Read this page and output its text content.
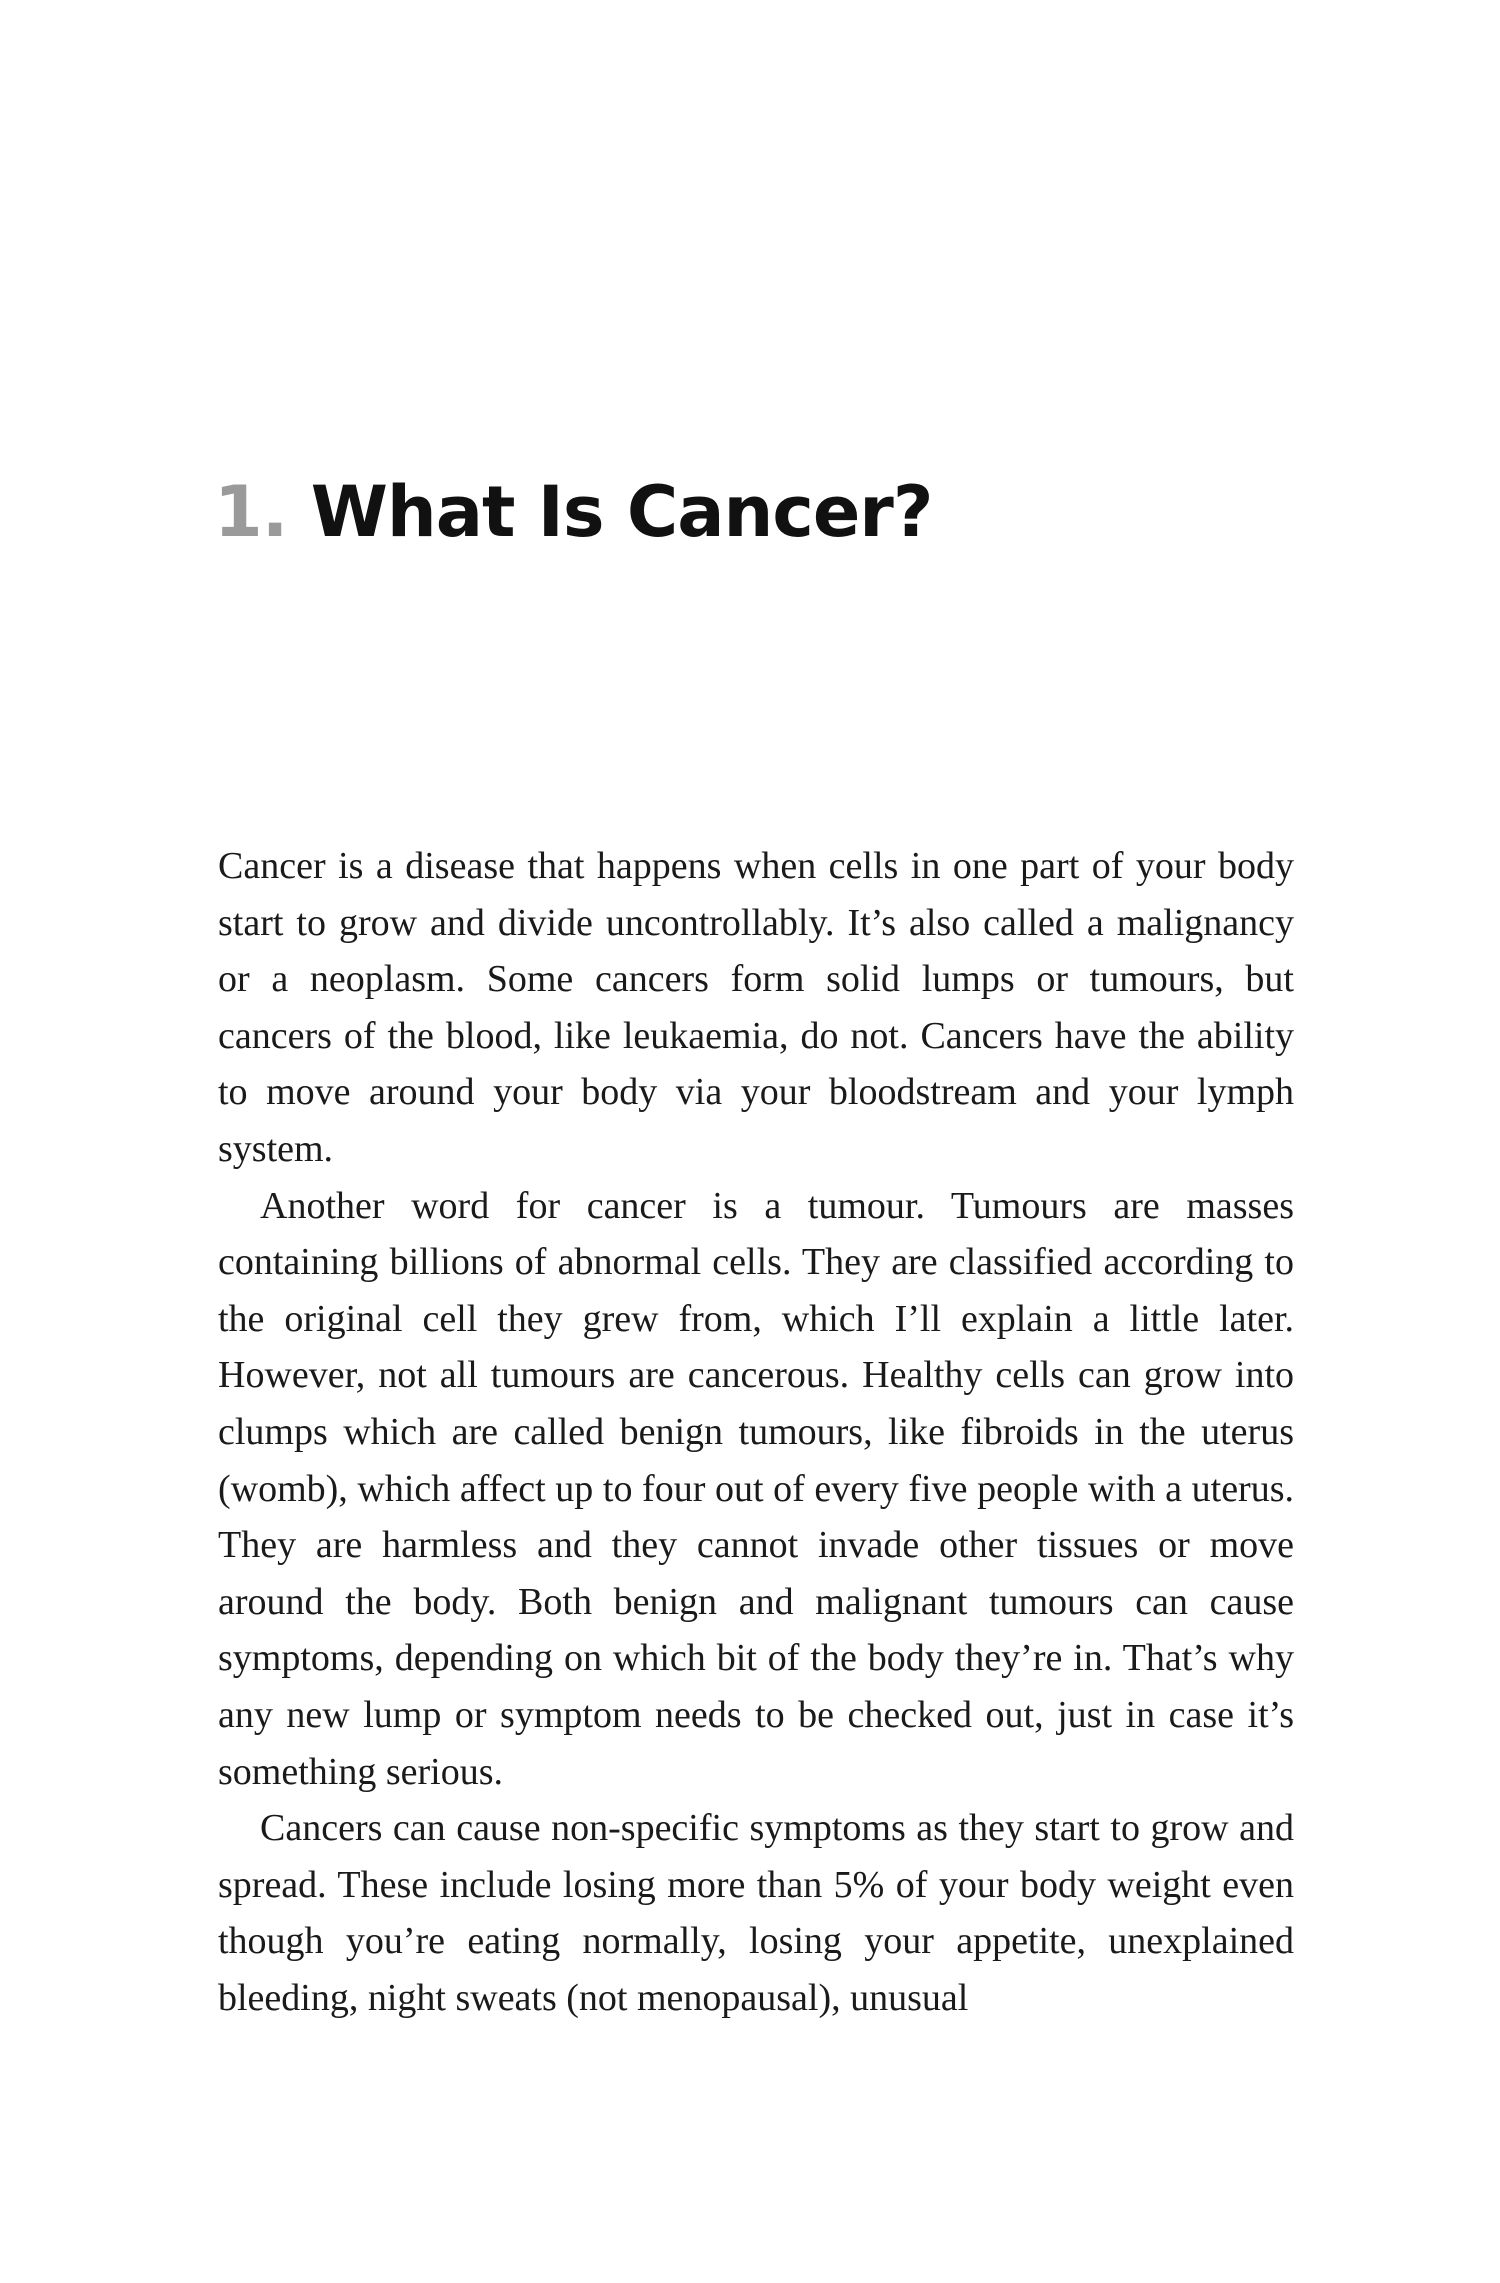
1. What Is Cancer?

Cancer is a disease that happens when cells in one part of your body start to grow and divide uncontrollably. It’s also called a malignancy or a neoplasm. Some cancers form solid lumps or tumours, but cancers of the blood, like leukaemia, do not. Cancers have the ability to move around your body via your bloodstream and your lymph system.

Another word for cancer is a tumour. Tumours are masses containing billions of abnormal cells. They are classified according to the original cell they grew from, which I’ll explain a little later. However, not all tumours are cancerous. Healthy cells can grow into clumps which are called benign tumours, like fibroids in the uterus (womb), which affect up to four out of every five people with a uterus. They are harmless and they cannot invade other tissues or move around the body. Both benign and malignant tumours can cause symptoms, depending on which bit of the body they’re in. That’s why any new lump or symptom needs to be checked out, just in case it’s something serious.

Cancers can cause non-specific symptoms as they start to grow and spread. These include losing more than 5% of your body weight even though you’re eating normally, losing your appetite, unexplained bleeding, night sweats (not menopausal), unusual
